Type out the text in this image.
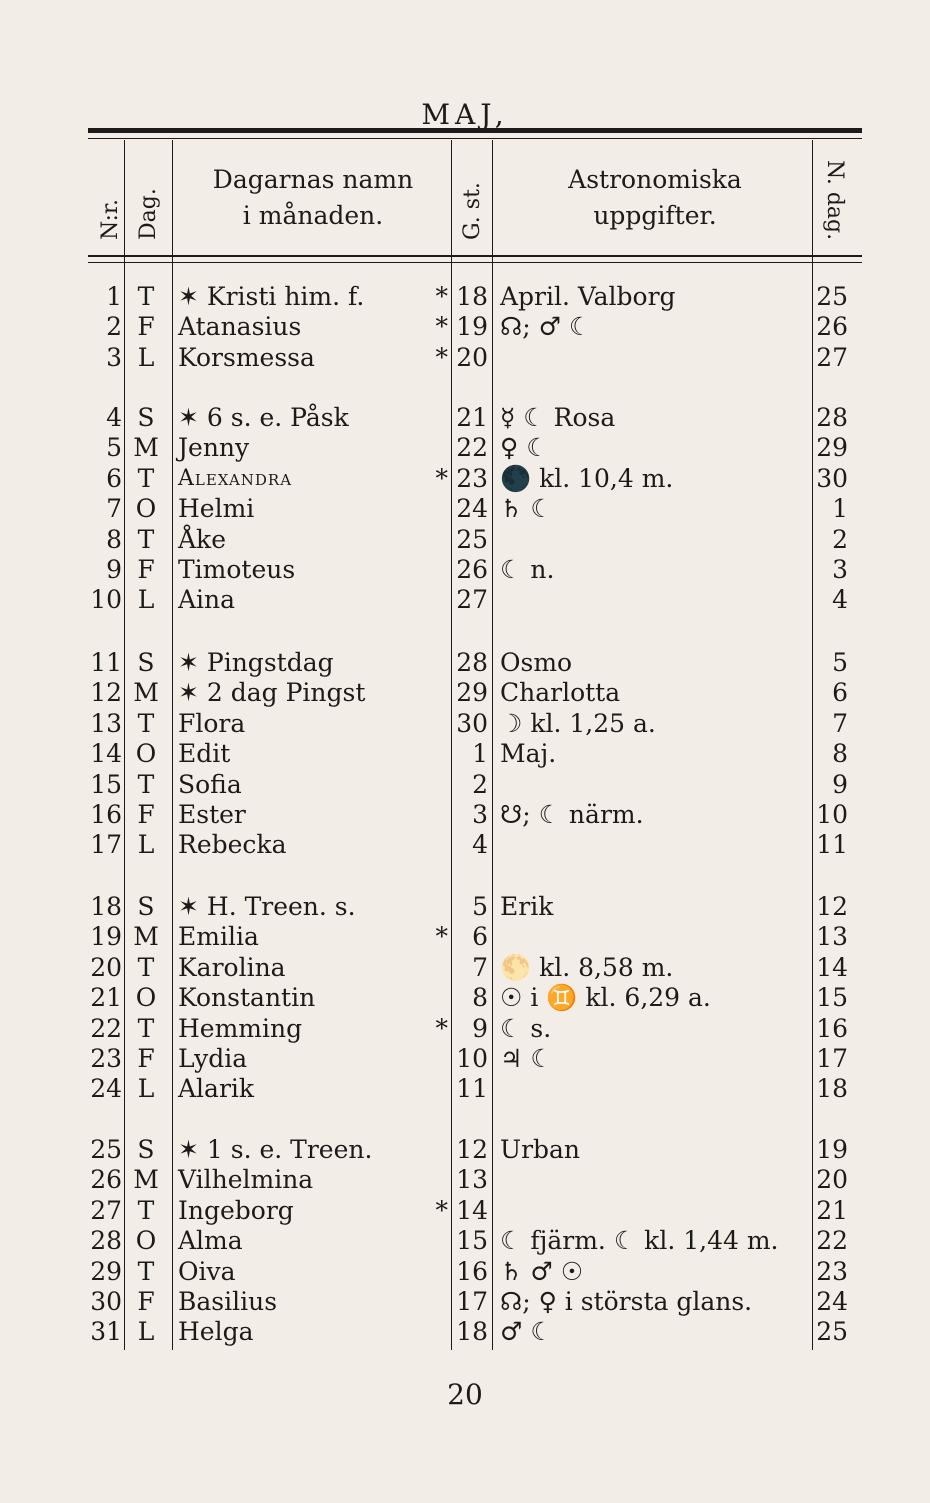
MAJ,
N:r. Dag.
Dagarnas namn
i månaden.	G. st.
Astronomiska
uppgifter.	N. dag.
1 T ✶ Kristi him. f.	* 18 April. Valborg	25
2 F Atanasius	* 19 ☊; ♂ ☾	26
3 L Korsmessa	* 20	27
4 S ✶ 6 s. e. Påsk	21 ☿ ☾ Rosa	28
5 M Jenny	22 ♀ ☾	29
6 T	Alexandra	* 23 🌑 kl. 10,4 m.	30
7 O Helmi	24 ♄ ☾	1
8 T Åke	25	2
9 F Timoteus	26 ☾ n.	3
10 L Aina	27	4
11 S ✶ Pingstdag	28 Osmo	5
12 M ✶ 2 dag Pingst	29 Charlotta	6
13 T Flora	30 ☽ kl. 1,25 a.	7
14 O Edit	1 Maj.	8
15 T Sofia	2	9
16 F Ester	3 ☋; ☾ närm.	10
17 L Rebecka	4	11
18 S ✶ H. Treen. s.	5 Erik	12
19 M Emilia	* 6	13
20 T Karolina	7 🌕 kl. 8,58 m.	14
21 O Konstantin	8 ☉ i ♊ kl. 6,29 a.	15
22 T Hemming	* 9 ☾ s.	16
23 F Lydia	10 ♃ ☾	17
24 L Alarik	11	18
25 S ✶ 1 s. e. Treen.	12 Urban	19
26 M Vilhelmina	13	20
27 T Ingeborg	* 14	21
28 O Alma	15 ☾ fjärm. ☾ kl. 1,44 m. 22
29 T Oiva	16 ♄ ♂ ☉	23
30 F Basilius	17 ☊; ♀ i största glans.	24
31 L Helga	18 ♂ ☾	25
20
